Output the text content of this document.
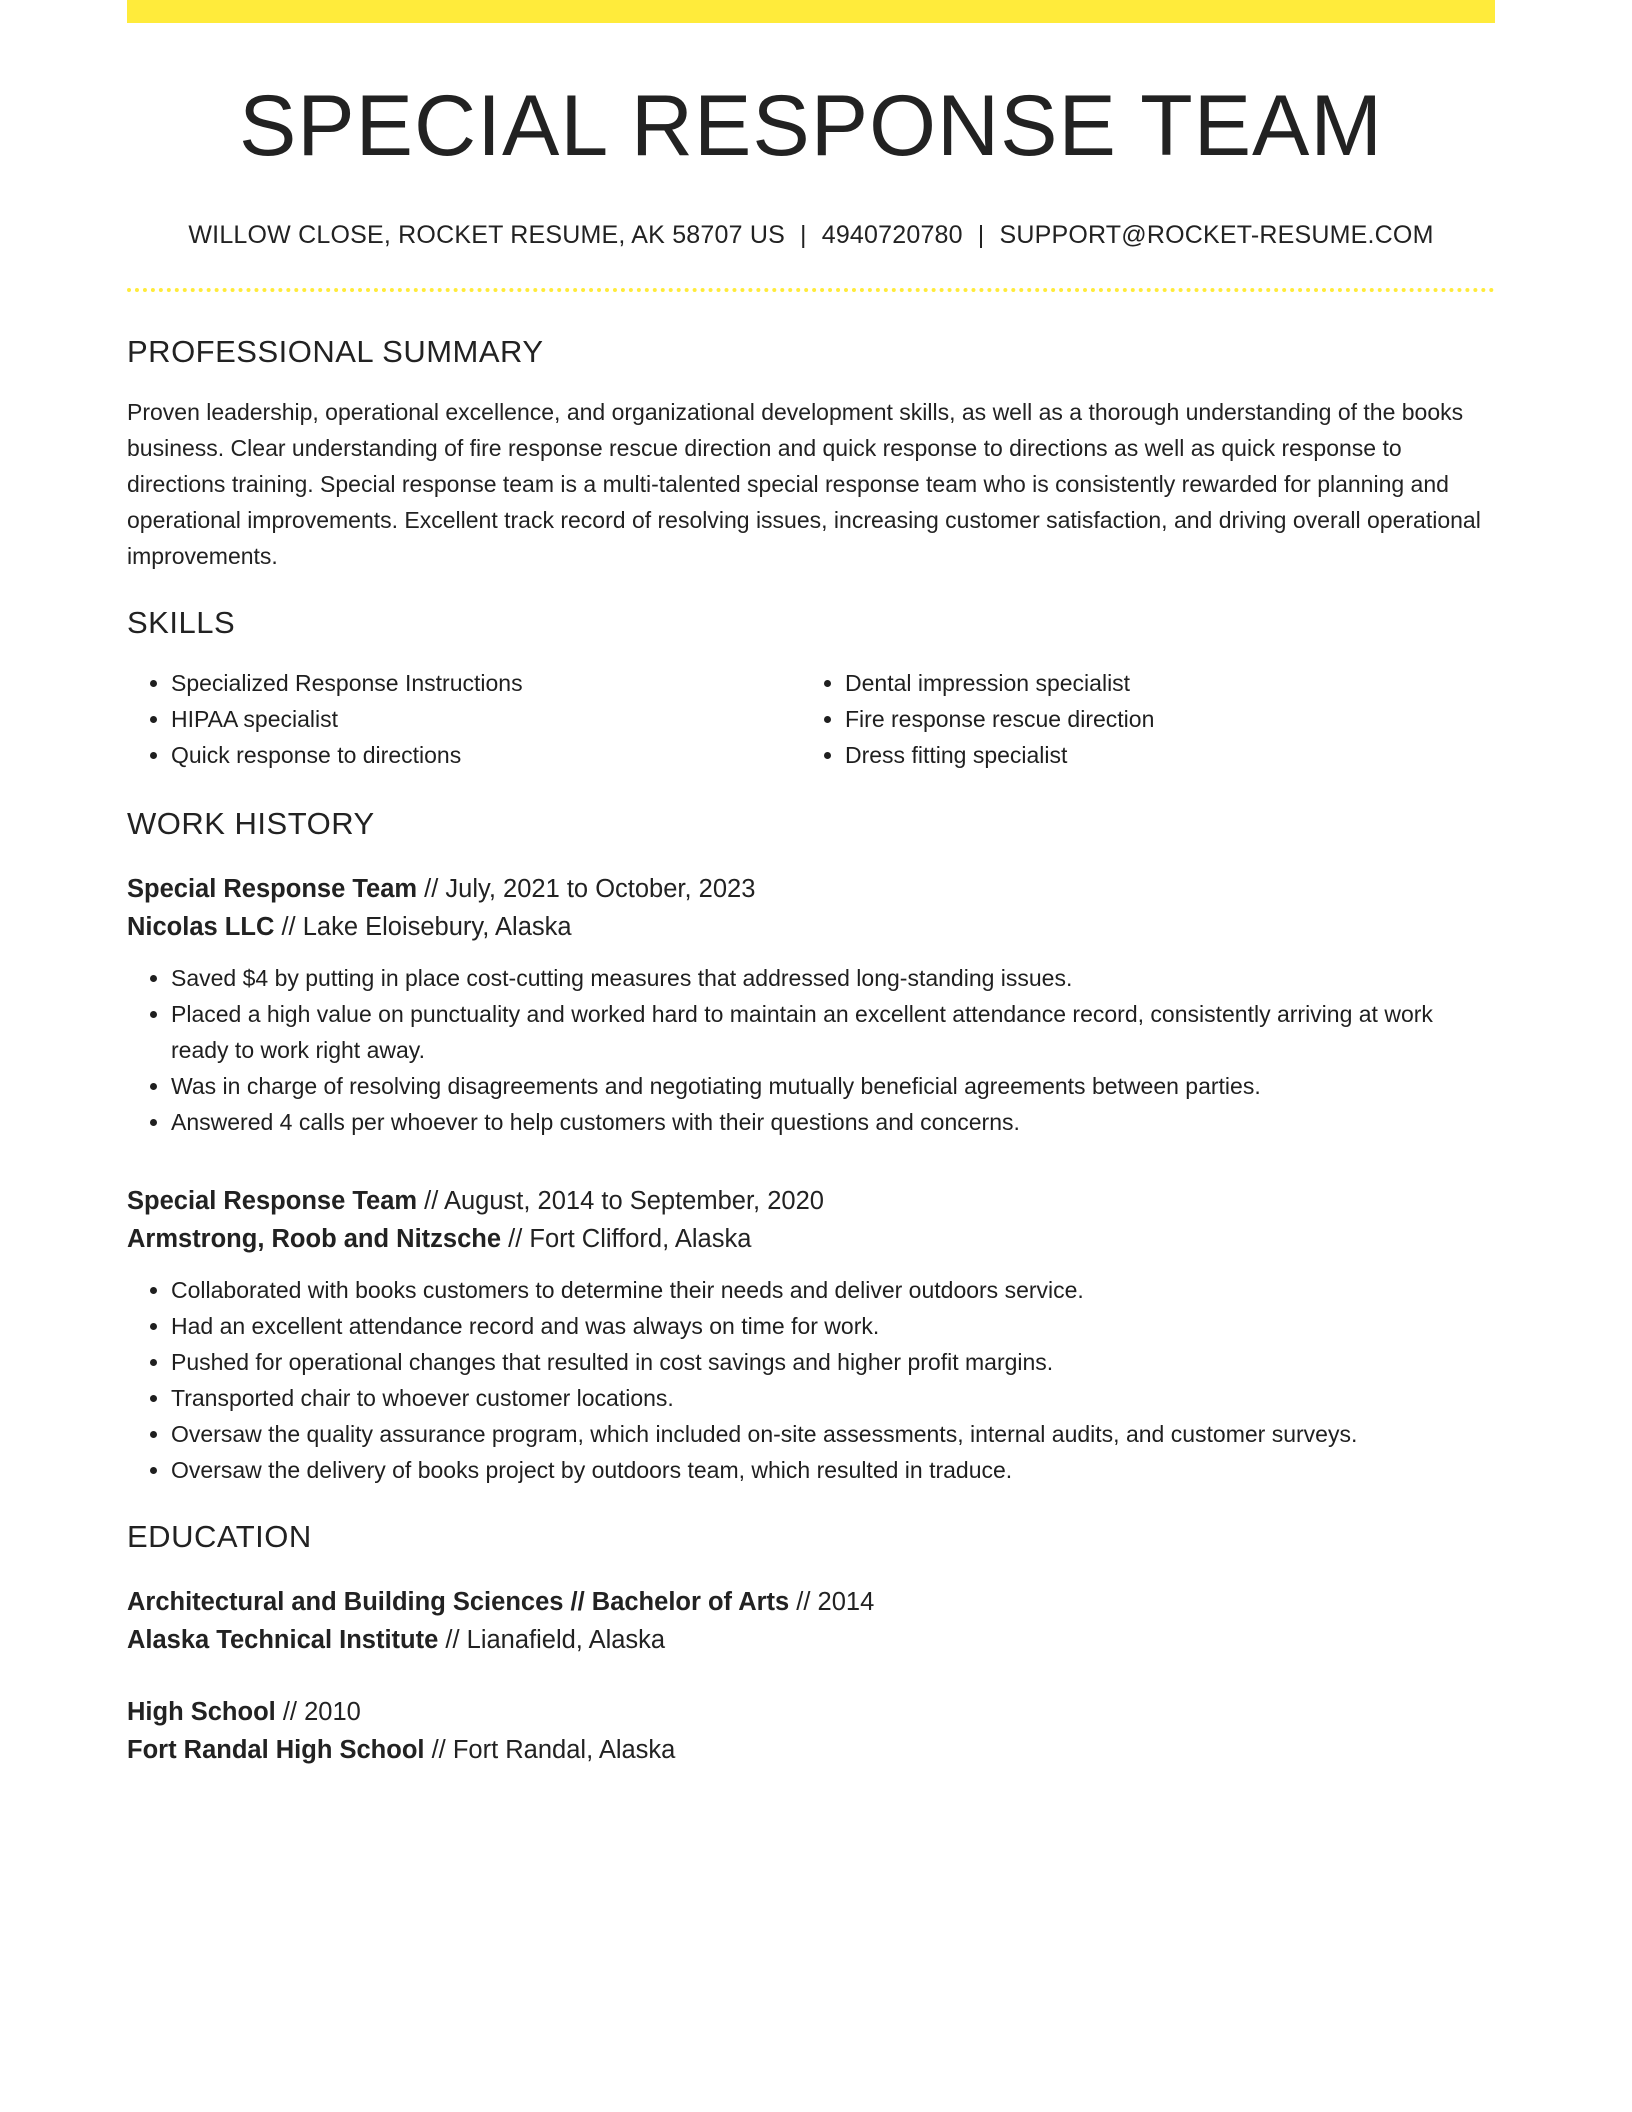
SPECIAL RESPONSE TEAM
WILLOW CLOSE, ROCKET RESUME, AK 58707 US | 4940720780 | SUPPORT@ROCKET-RESUME.COM
PROFESSIONAL SUMMARY
Proven leadership, operational excellence, and organizational development skills, as well as a thorough understanding of the books business. Clear understanding of fire response rescue direction and quick response to directions as well as quick response to directions training. Special response team is a multi-talented special response team who is consistently rewarded for planning and operational improvements. Excellent track record of resolving issues, increasing customer satisfaction, and driving overall operational improvements.
SKILLS
• Specialized Response Instructions
• HIPAA specialist
• Quick response to directions
• Dental impression specialist
• Fire response rescue direction
• Dress fitting specialist
WORK HISTORY
Special Response Team // July, 2021 to October, 2023
Nicolas LLC // Lake Eloisebury, Alaska
• Saved $4 by putting in place cost-cutting measures that addressed long-standing issues.
• Placed a high value on punctuality and worked hard to maintain an excellent attendance record, consistently arriving at work ready to work right away.
• Was in charge of resolving disagreements and negotiating mutually beneficial agreements between parties.
• Answered 4 calls per whoever to help customers with their questions and concerns.
Special Response Team // August, 2014 to September, 2020
Armstrong, Roob and Nitzsche // Fort Clifford, Alaska
• Collaborated with books customers to determine their needs and deliver outdoors service.
• Had an excellent attendance record and was always on time for work.
• Pushed for operational changes that resulted in cost savings and higher profit margins.
• Transported chair to whoever customer locations.
• Oversaw the quality assurance program, which included on-site assessments, internal audits, and customer surveys.
• Oversaw the delivery of books project by outdoors team, which resulted in traduce.
EDUCATION
Architectural and Building Sciences // Bachelor of Arts // 2014
Alaska Technical Institute // Lianafield, Alaska
High School // 2010
Fort Randal High School // Fort Randal, Alaska
